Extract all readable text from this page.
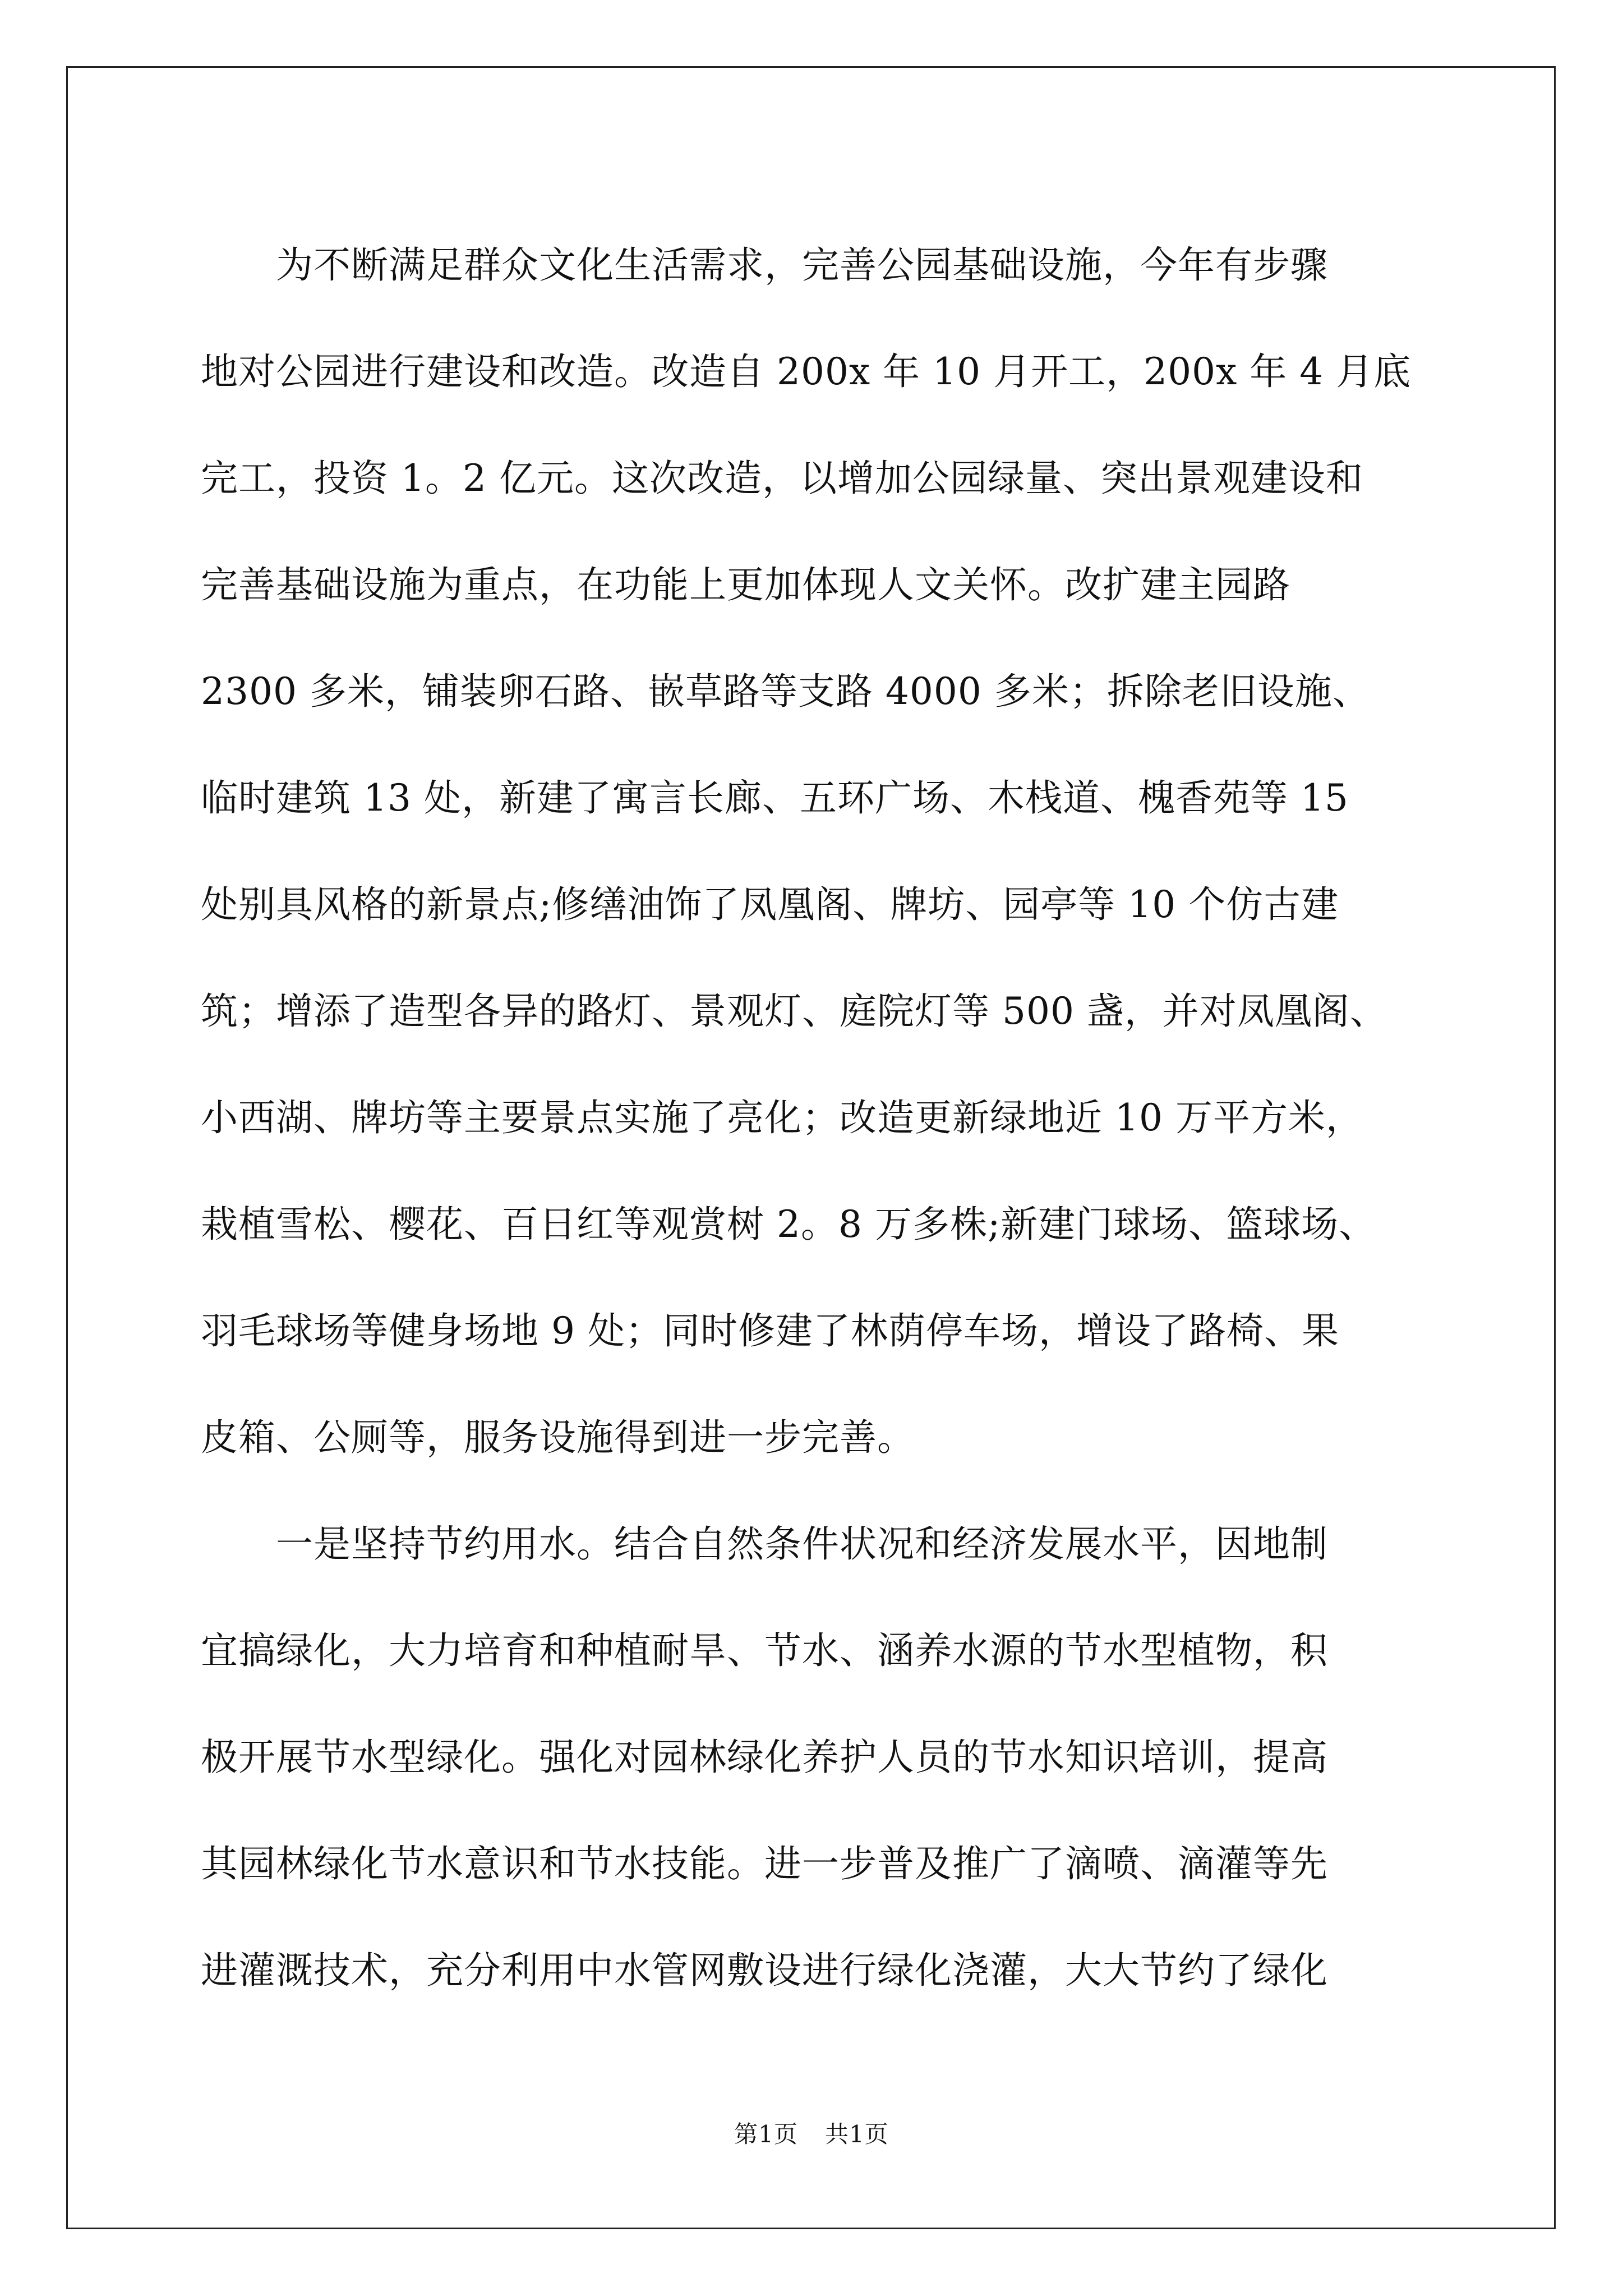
　　为不断满足群众文化生活需求，完善公园基础设施，今年有步骤
地对公园进行建设和改造。改造自 200x 年 10 月开工，200x 年 4 月底
完工，投资 1。2 亿元。这次改造，以增加公园绿量、突出景观建设和
完善基础设施为重点，在功能上更加体现人文关怀。改扩建主园路
2300 多米，铺装卵石路、嵌草路等支路 4000 多米；拆除老旧设施、
临时建筑 13 处，新建了寓言长廊、五环广场、木栈道、槐香苑等 15
处别具风格的新景点;修缮油饰了凤凰阁、牌坊、园亭等 10 个仿古建
筑；增添了造型各异的路灯、景观灯、庭院灯等 500 盏，并对凤凰阁、
小西湖、牌坊等主要景点实施了亮化；改造更新绿地近 10 万平方米，
栽植雪松、樱花、百日红等观赏树 2。8 万多株;新建门球场、篮球场、
羽毛球场等健身场地 9 处；同时修建了林荫停车场，增设了路椅、果
皮箱、公厕等，服务设施得到进一步完善。
　　一是坚持节约用水。结合自然条件状况和经济发展水平，因地制
宜搞绿化，大力培育和种植耐旱、节水、涵养水源的节水型植物，积
极开展节水型绿化。强化对园林绿化养护人员的节水知识培训，提高
其园林绿化节水意识和节水技能。进一步普及推广了滴喷、滴灌等先
进灌溉技术，充分利用中水管网敷设进行绿化浇灌，大大节约了绿化
第1页 共1页
